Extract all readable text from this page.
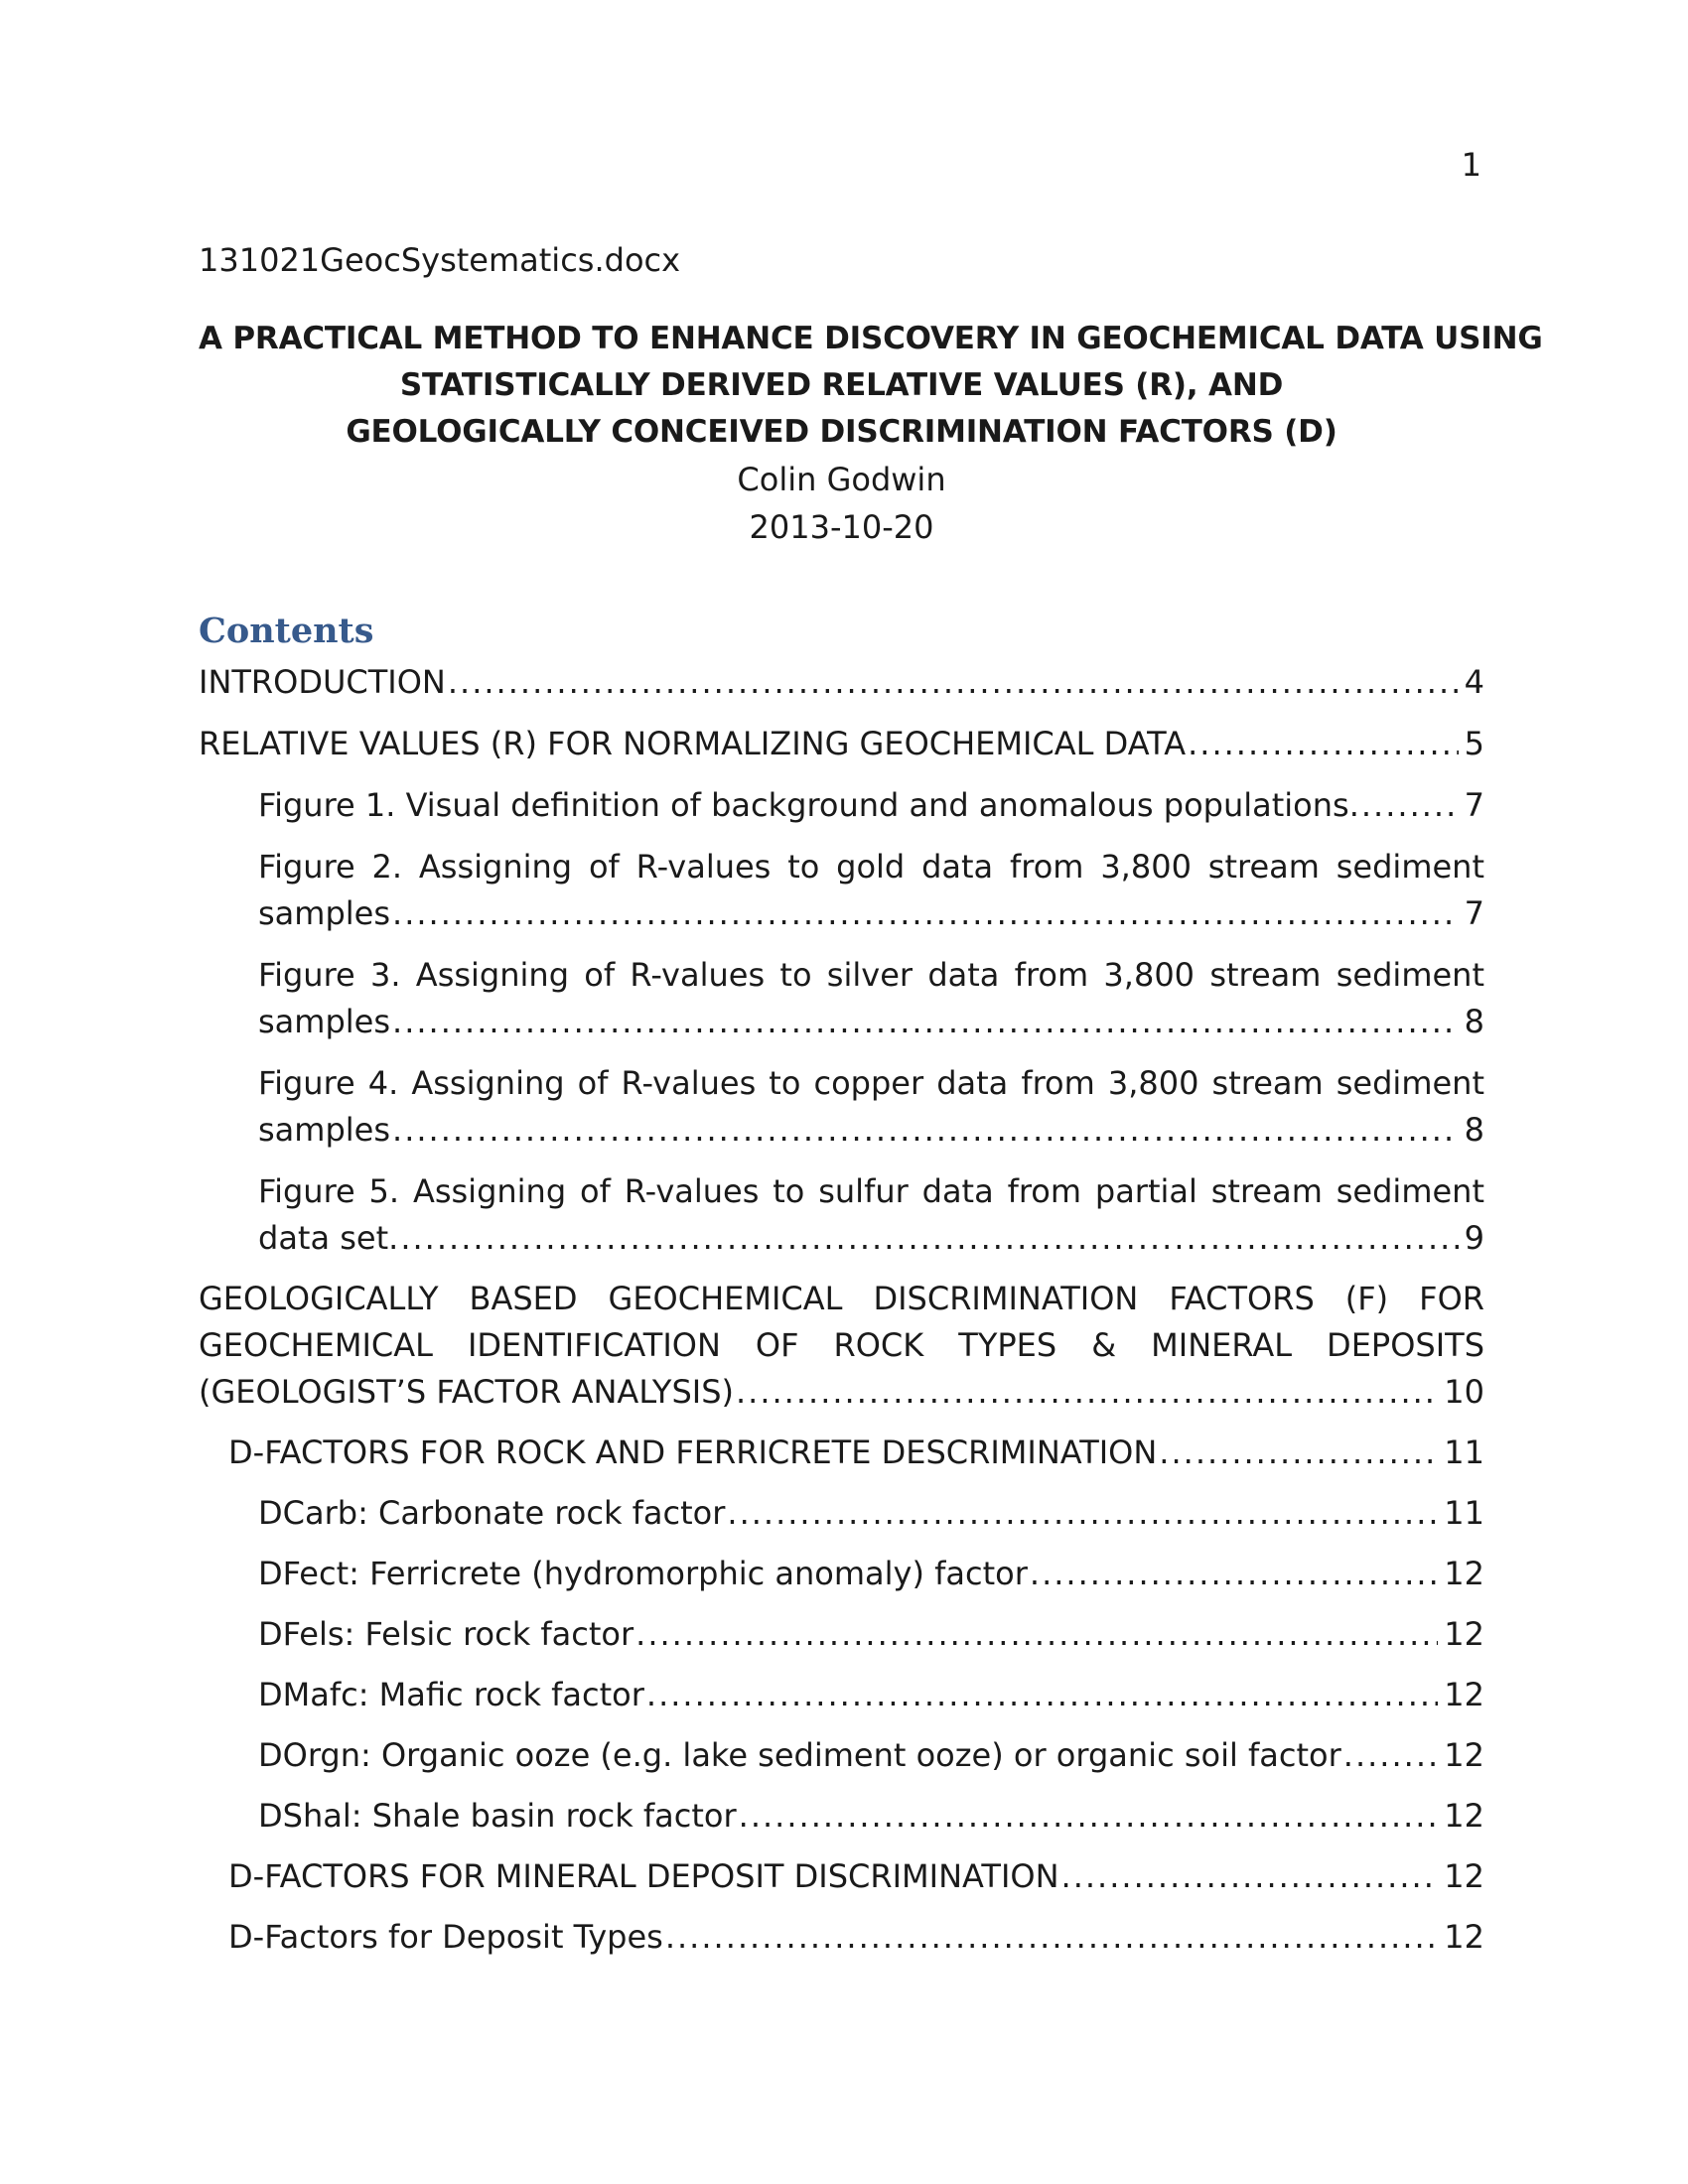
1
131021GeocSystematics.docx
A PRACTICAL METHOD TO ENHANCE DISCOVERY IN GEOCHEMICAL DATA USING
STATISTICALLY DERIVED RELATIVE VALUES (R), AND
GEOLOGICALLY CONCEIVED DISCRIMINATION FACTORS (D)
Colin Godwin
2013-10-20
Contents
INTRODUCTION .....	4
RELATIVE VALUES (R) FOR NORMALIZING GEOCHEMICAL DATA .....	5
Figure 1. Visual definition of background and anomalous populations. .....	7
Figure 2. Assigning of R-values to gold data from 3,800 stream sediment
samples .....	7
Figure 3. Assigning of R-values to silver data from 3,800 stream sediment
samples .....	8
Figure 4. Assigning of R-values to copper data from 3,800 stream sediment
samples .....	8
Figure 5. Assigning of R-values to sulfur data from partial stream sediment
data set. .....	9
GEOLOGICALLY BASED GEOCHEMICAL DISCRIMINATION FACTORS (F) FOR
GEOCHEMICAL IDENTIFICATION OF ROCK TYPES & MINERAL DEPOSITS
(GEOLOGIST’S FACTOR ANALYSIS) .....	10
D-FACTORS FOR ROCK AND FERRICRETE DESCRIMINATION .....	11
DCarb: Carbonate rock factor .....	11
DFect: Ferricrete (hydromorphic anomaly) factor .....	12
DFels: Felsic rock factor .....	12
DMafc: Mafic rock factor .....	12
DOrgn: Organic ooze (e.g. lake sediment ooze) or organic soil factor .....	12
DShal: Shale basin rock factor .....	12
D-FACTORS FOR MINERAL DEPOSIT DISCRIMINATION .....	12
D-Factors for Deposit Types .....	12
